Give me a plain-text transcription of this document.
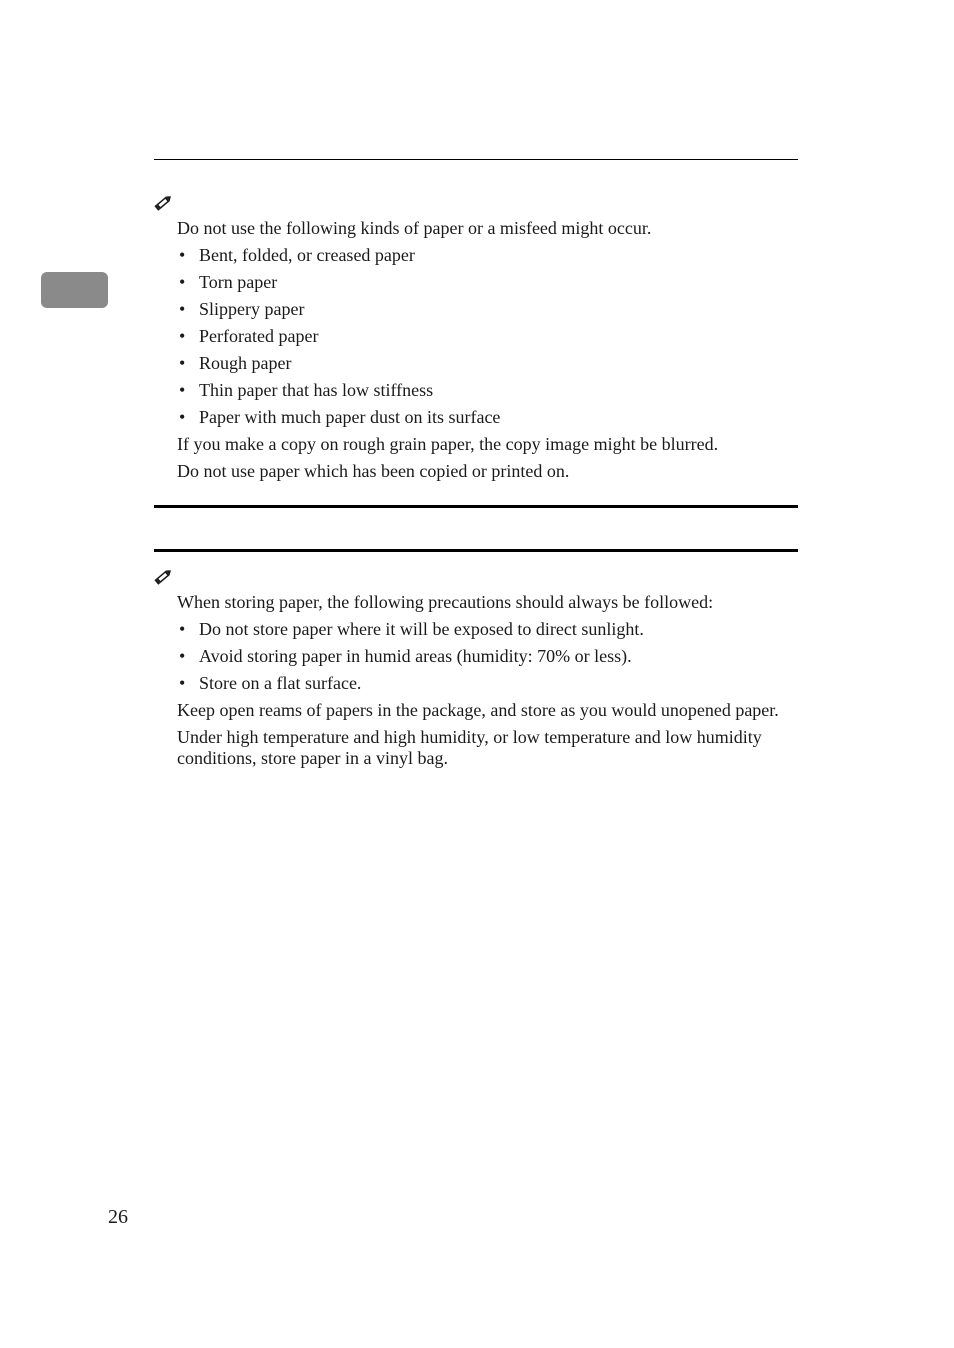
Do not use the following kinds of paper or a misfeed might occur.

• Bent, folded, or creased paper
• Torn paper
• Slippery paper
• Perforated paper
• Rough paper
• Thin paper that has low stiffness
• Paper with much paper dust on its surface

If you make a copy on rough grain paper, the copy image might be blurred.

Do not use paper which has been copied or printed on.

When storing paper, the following precautions should always be followed:

• Do not store paper where it will be exposed to direct sunlight.
• Avoid storing paper in humid areas (humidity: 70% or less).
• Store on a flat surface.

Keep open reams of papers in the package, and store as you would unopened paper.

Under high temperature and high humidity, or low temperature and low humidity conditions, store paper in a vinyl bag.

26
